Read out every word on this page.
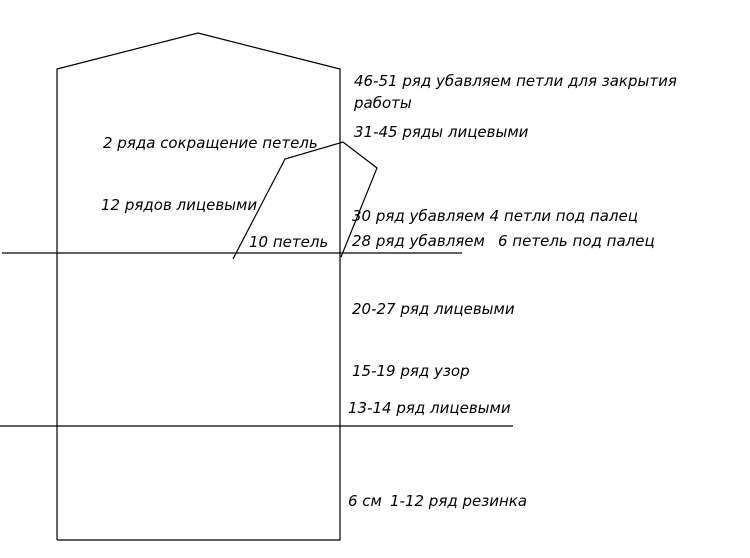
46-51 ряд убавляем петли для закрытия
работы
31-45 ряды лицевыми
2 ряда сокращение петель
12 рядов лицевыми
30 ряд убавляем 4 петли под палец
10 петель 28 ряд убавляем 6 петель под палец
20-27 ряд лицевыми
15-19 ряд узор
13-14 ряд лицевыми
6 см 1-12 ряд резинка
